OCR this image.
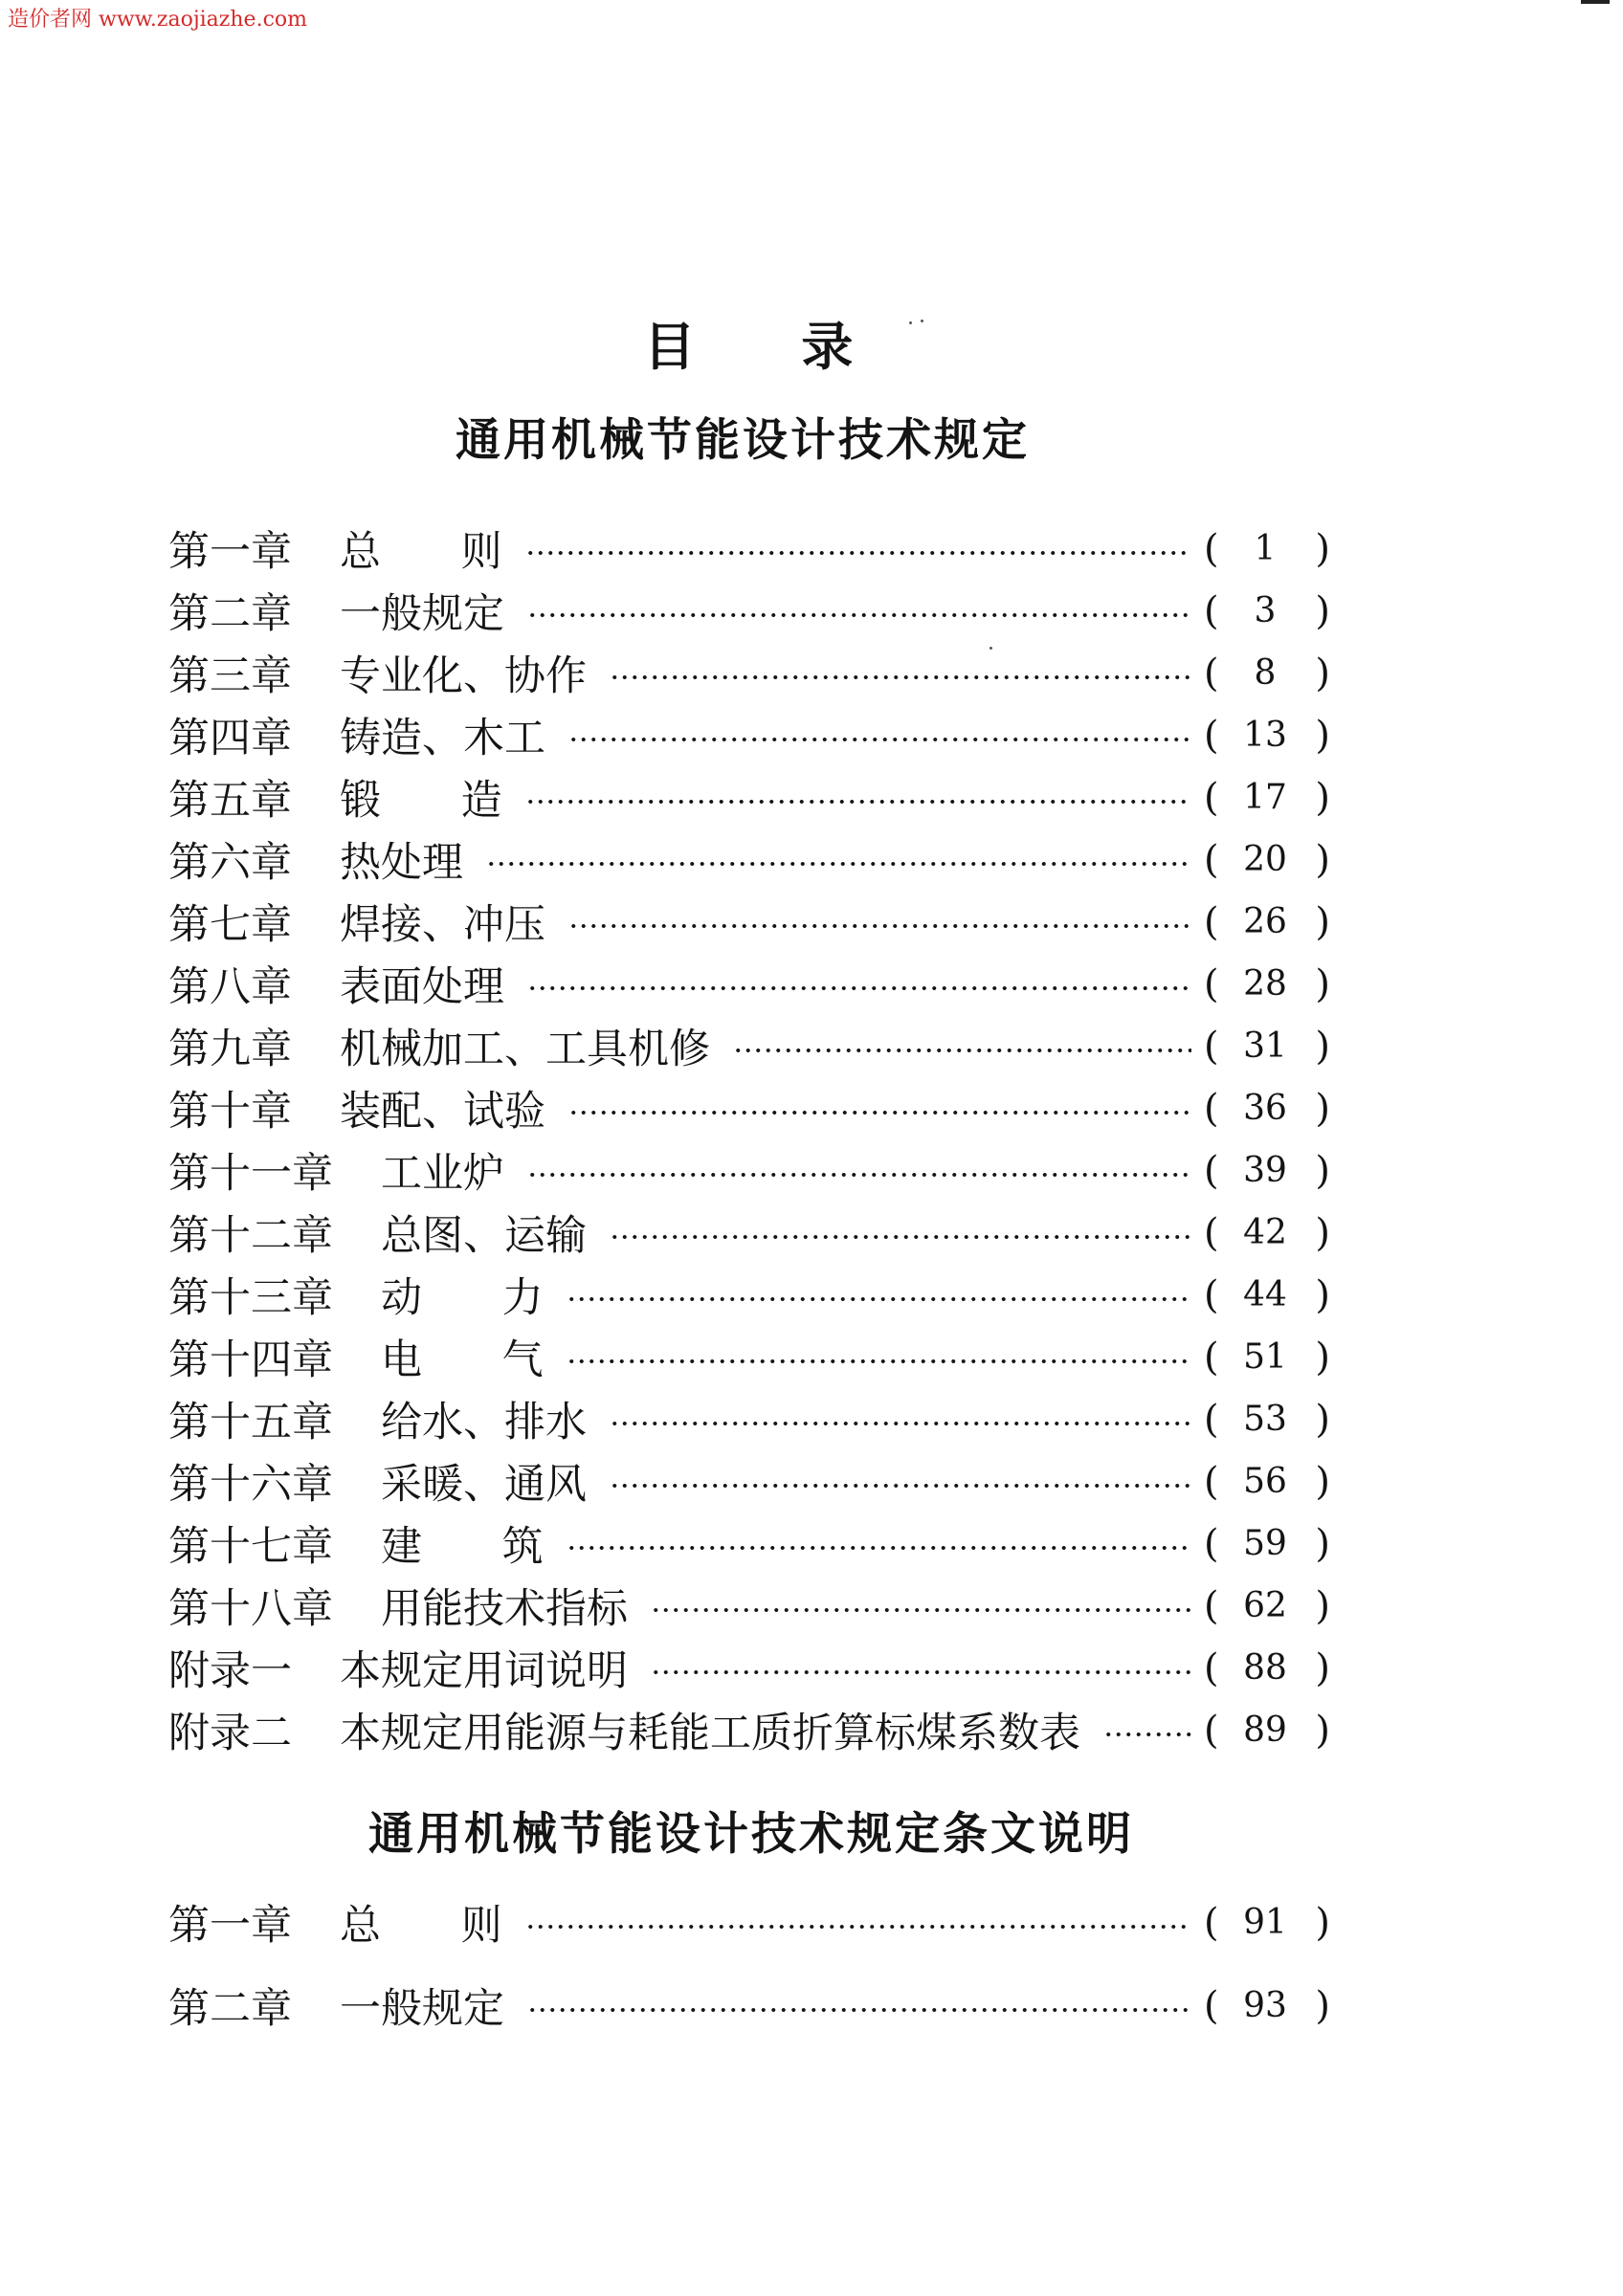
造价者网 www.zaojiazhe.com
目 录
通用机械节能设计技术规定
第一章 总 则	(	1	)
第二章 一般规定	(	3	)
第三章 专业化、协作	(	8	)
第四章 铸造、木工	( 13 )
第五章 锻 造	( 17 )
第六章 热处理	( 20 )
第七章 焊接、冲压	( 26 )
第八章 表面处理	( 28 )
第九章 机械加工、工具机修	( 31 )
第十章 装配、试验	( 36 )
第十一章 工业炉	( 39 )
第十二章 总图、运输	( 42 )
第十三章 动 力	( 44 )
第十四章 电 气	( 51 )
第十五章 给水、排水	( 53 )
第十六章 采暖、通风	( 56 )
第十七章 建 筑	( 59 )
第十八章 用能技术指标	( 62 )
附录一 本规定用词说明	( 88 )
附录二 本规定用能源与耗能工质折算标煤系数表	( 89 )
通用机械节能设计技术规定条文说明
第一章 总 则	( 91 )
第二章 一般规定	( 93 )
